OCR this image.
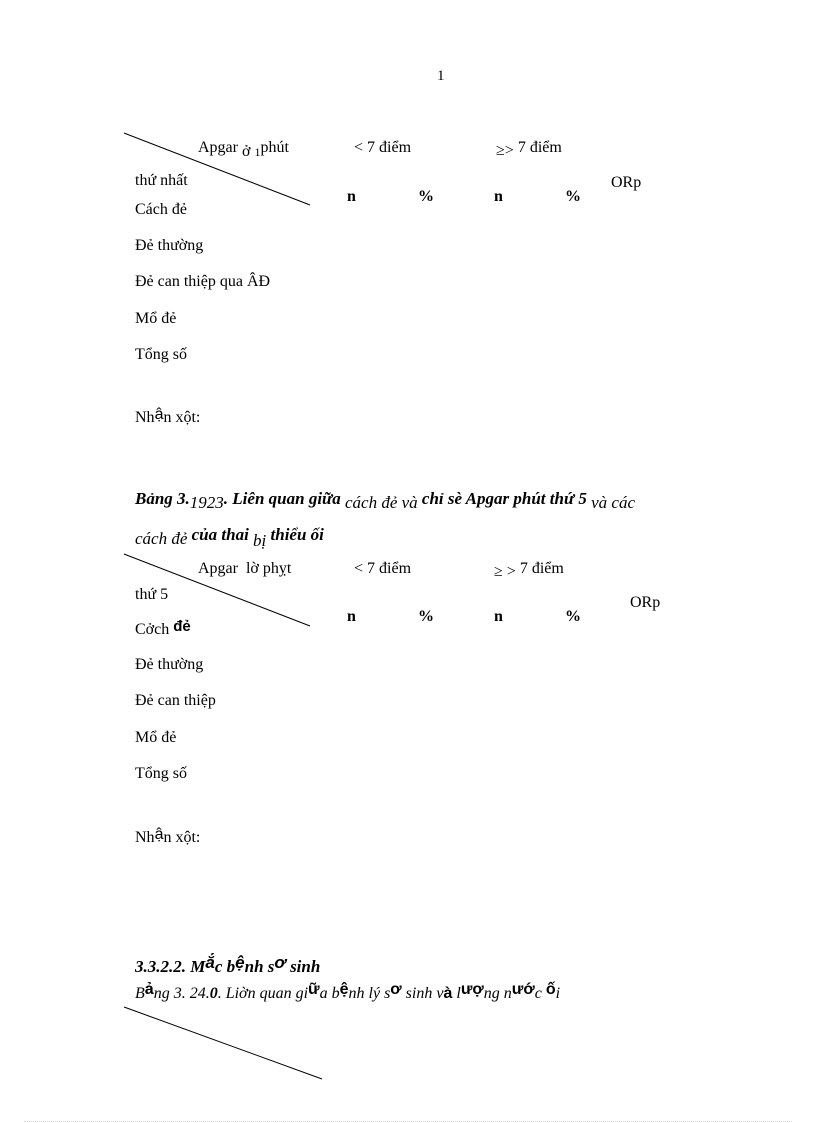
1
Apgar ở $_1$phút
thứ nhất
Cách đẻ
< 7 điểm	≥> 7 điểm
n	%	n	%
ORp
Đẻ thường
Đẻ can thiệp qua ÂĐ
Mổ đẻ
Tổng số
Nhận xột:
Bảng 3.1923. Liên quan giữa cách đẻ và chỉ sè Apgar phút thứ 5 và các
cách đẻ của thai bị thiểu ối
Apgar lờ phỵt
thứ 5
Cởch đẻ
< 7 điểm	≥ > 7 điểm
n	%	n	%
ORp
Đẻ thường
Đẻ can thiệp
Mổ đẻ
Tổng số
Nhận xột:
3.3.2.2. Mắc bệnh sơ sinh
Bảng 3. 24.0. Liờn quan giữa bệnh lý sơ sinh và lượng nước ối
